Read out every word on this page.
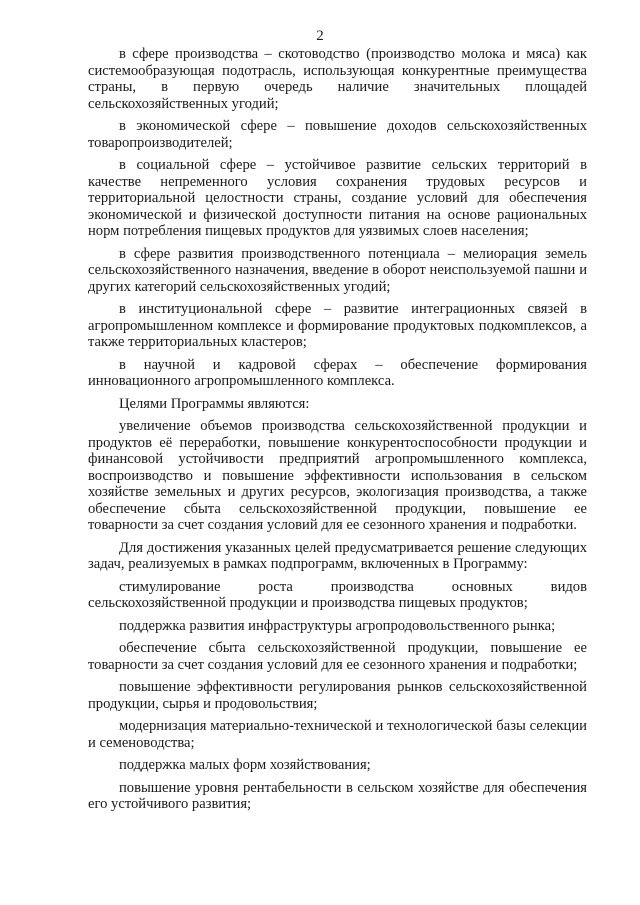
2

в сфере производства – скотоводство (производство молока и мяса) как системообразующая подотрасль, использующая конкурентные преимущества страны, в первую очередь наличие значительных площадей сельскохозяйственных угодий;

в экономической сфере – повышение доходов сельскохозяйственных товаропроизводителей;

в социальной сфере – устойчивое развитие сельских территорий в качестве непременного условия сохранения трудовых ресурсов и территориальной целостности страны, создание условий для обеспечения экономической и физической доступности питания на основе рациональных норм потребления пищевых продуктов для уязвимых слоев населения;

в сфере развития производственного потенциала – мелиорация земель сельскохозяйственного назначения, введение в оборот неиспользуемой пашни и других категорий сельскохозяйственных угодий;

в институциональной сфере – развитие интеграционных связей в агропромышленном комплексе и формирование продуктовых подкомплексов, а также территориальных кластеров;

в научной и кадровой сферах – обеспечение формирования инновационного агропромышленного комплекса.

Целями Программы являются:

увеличение объемов производства сельскохозяйственной продукции и продуктов её переработки, повышение конкурентоспособности продукции и финансовой устойчивости предприятий агропромышленного комплекса, воспроизводство и повышение эффективности использования в сельском хозяйстве земельных и других ресурсов, экологизация производства, а также обеспечение сбыта сельскохозяйственной продукции, повышение ее товарности за счет создания условий для ее сезонного хранения и подработки.

Для достижения указанных целей предусматривается решение следующих задач, реализуемых в рамках подпрограмм, включенных в Программу:

стимулирование роста производства основных видов сельскохозяйственной продукции и производства пищевых продуктов;

поддержка развития инфраструктуры агропродовольственного рынка;

обеспечение сбыта сельскохозяйственной продукции, повышение ее товарности за счет создания условий для ее сезонного хранения и подработки;

повышение эффективности регулирования рынков сельскохозяйственной продукции, сырья и продовольствия;

модернизация материально-технической и технологической базы селекции и семеноводства;

поддержка малых форм хозяйствования;

повышение уровня рентабельности в сельском хозяйстве для обеспечения его устойчивого развития;
